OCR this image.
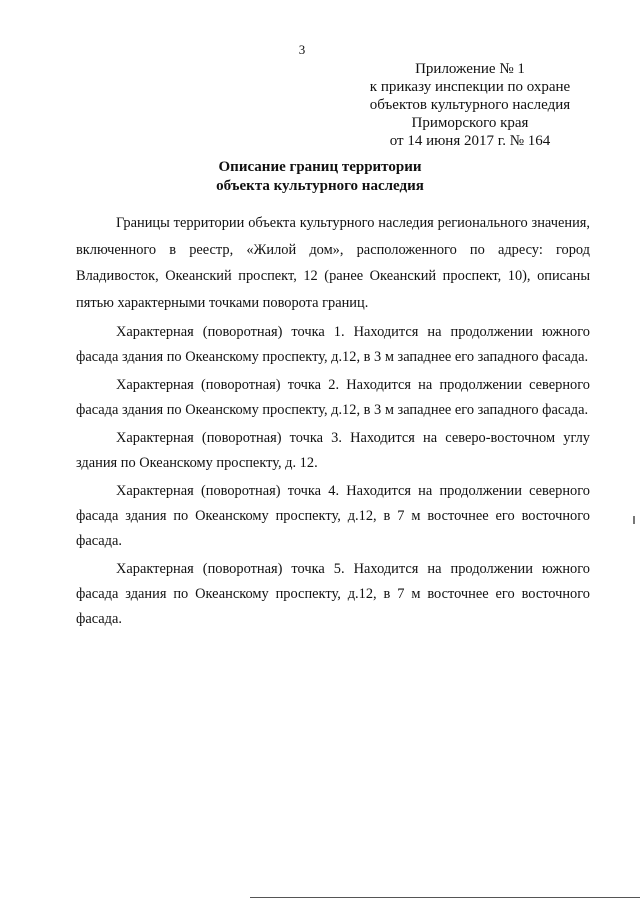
3
Приложение № 1
к приказу инспекции по охране
объектов культурного наследия
Приморского края
от 14 июня 2017 г. № 164
Описание границ территории
объекта культурного наследия

Границы территории объекта культурного наследия регионального значения, включенного в реестр, «Жилой дом», расположенного по адресу: город Владивосток, Океанский проспект, 12 (ранее Океанский проспект, 10), описаны пятью характерными точками поворота границ.

Характерная (поворотная) точка 1. Находится на продолжении южного фасада здания по Океанскому проспекту, д.12, в 3 м западнее его западного фасада.

Характерная (поворотная) точка 2. Находится на продолжении северного фасада здания по Океанскому проспекту, д.12, в 3 м западнее его западного фасада.

Характерная (поворотная) точка 3. Находится на северо-восточном углу здания по Океанскому проспекту, д. 12.

Характерная (поворотная) точка 4. Находится на продолжении северного фасада здания по Океанскому проспекту, д.12, в 7 м восточнее его восточного фасада.

Характерная (поворотная) точка 5. Находится на продолжении южного фасада здания по Океанскому проспекту, д.12, в 7 м восточнее его восточного фасада.
